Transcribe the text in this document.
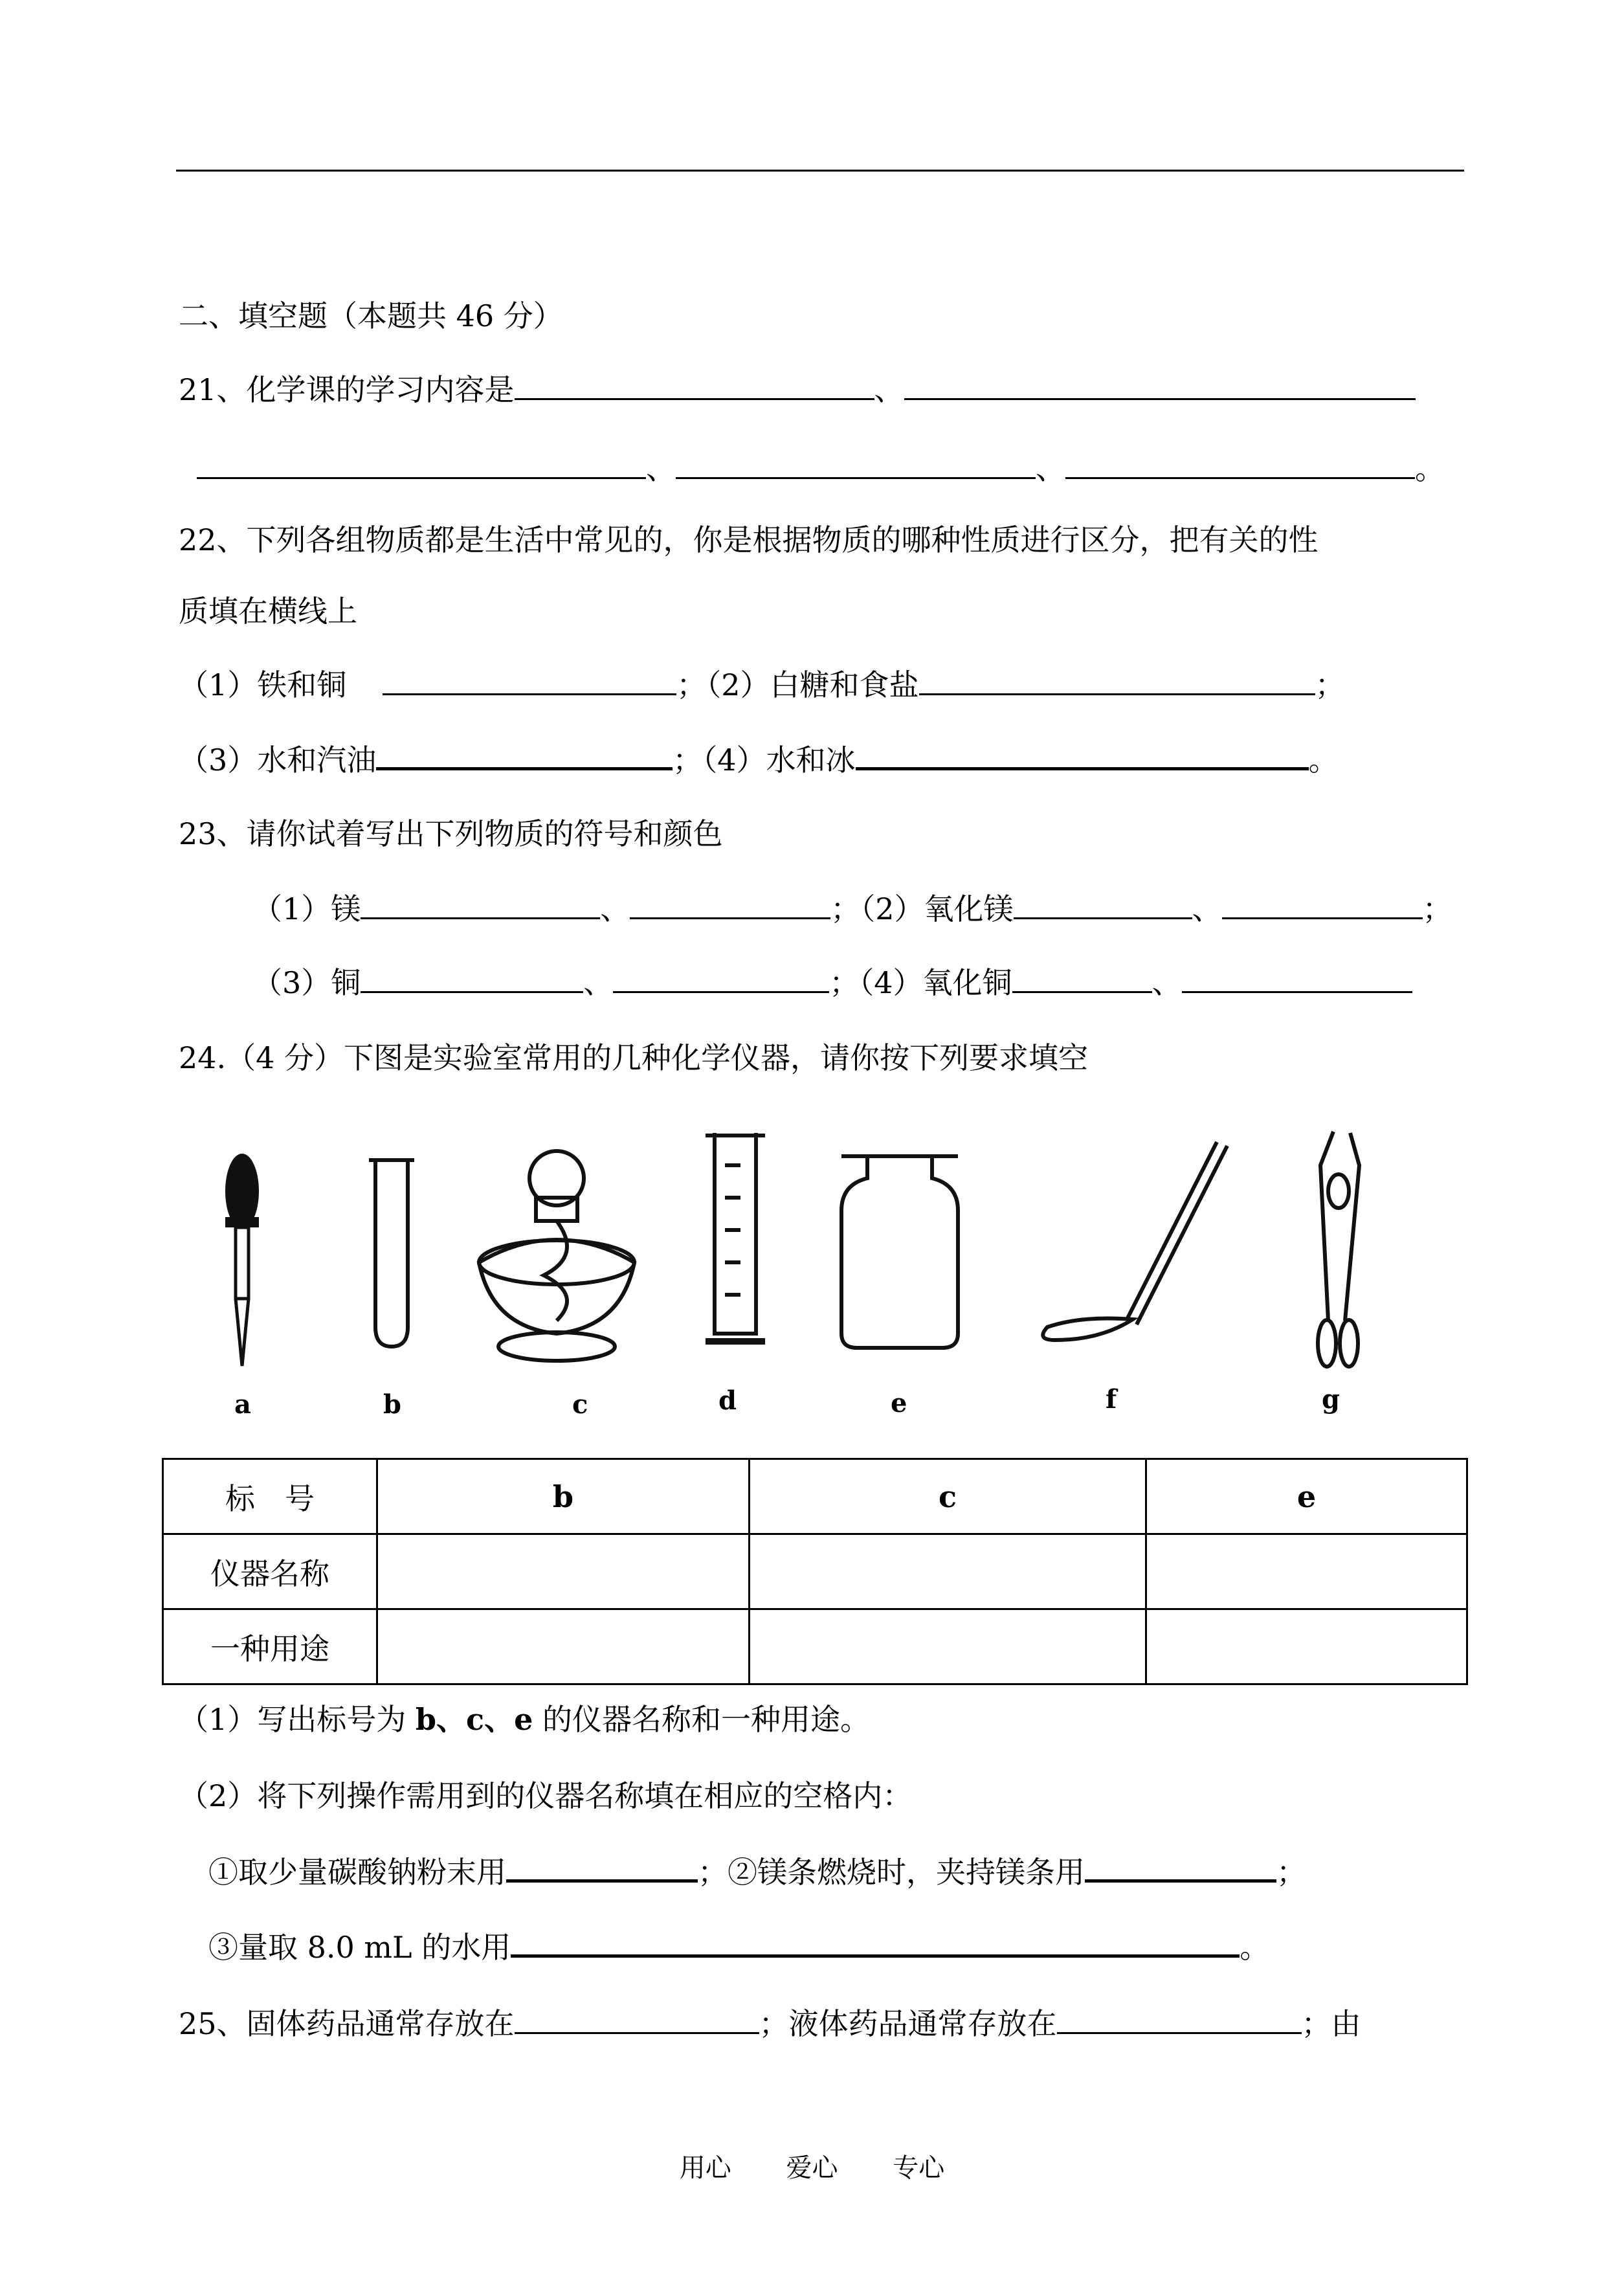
二、填空题（本题共 46 分）
21、化学课的学习内容是	、
、	、	。
22、下列各组物质都是生活中常见的，你是根据物质的哪种性质进行区分，把有关的性
质填在横线上
（1）铁和铜	；（2）白糖和食盐	；
（3）水和汽油	；（4）水和冰	。
23、请你试着写出下列物质的符号和颜色
（1）镁	、	；（2）氧化镁	、	；
（3）铜	、	；（4）氧化铜	、
24.（4 分）下图是实验室常用的几种化学仪器，请你按下列要求填空
a	b	c	d	e	f	g
标　号	b	c	e
仪器名称			
一种用途			
（1）写出标号为 b、c、e 的仪器名称和一种用途。
（2）将下列操作需用到的仪器名称填在相应的空格内：
①取少量碳酸钠粉末用	；②镁条燃烧时，夹持镁条用	；
③量取 8.0 mL 的水用	。
25、固体药品通常存放在	；液体药品通常存放在	；由
用心 爱心 专心
